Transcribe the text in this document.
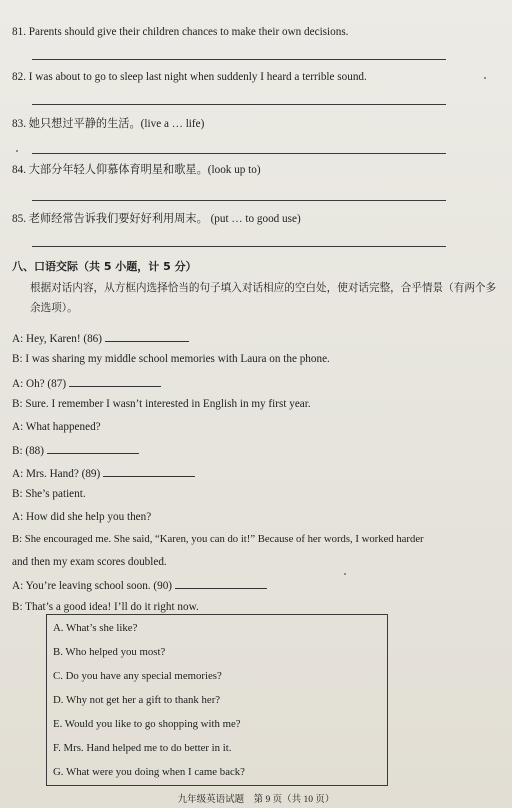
81. Parents should give their children chances to make their own decisions.
82. I was about to go to sleep last night when suddenly I heard a terrible sound.
83. 她只想过平静的生活。(live a … life)
84. 大部分年轻人仰慕体育明星和歌星。(look up to)
85. 老师经常告诉我们要好好利用周末。 (put … to good use)
八、口语交际（共 5 小题，计 5 分）
根据对话内容，从方框内选择恰当的句子填入对话相应的空白处，使对话完整，合乎情景（有两个多余选项）。
A: Hey, Karen! (86)
B: I was sharing my middle school memories with Laura on the phone.
A: Oh? (87)
B: Sure. I remember I wasn’t interested in English in my first year.
A: What happened?
B: (88)
A: Mrs. Hand? (89)
B: She’s patient.
A: How did she help you then?
B: She encouraged me. She said, “Karen, you can do it!” Because of her words, I worked harder
and then my exam scores doubled.
A: You’re leaving school soon. (90)
B: That’s a good idea! I’ll do it right now.
A. What’s she like?
B. Who helped you most?
C. Do you have any special memories?
D. Why not get her a gift to thank her?
E. Would you like to go shopping with me?
F. Mrs. Hand helped me to do better in it.
G. What were you doing when I came back?
九年级英语试题　第 9 页（共 10 页）
